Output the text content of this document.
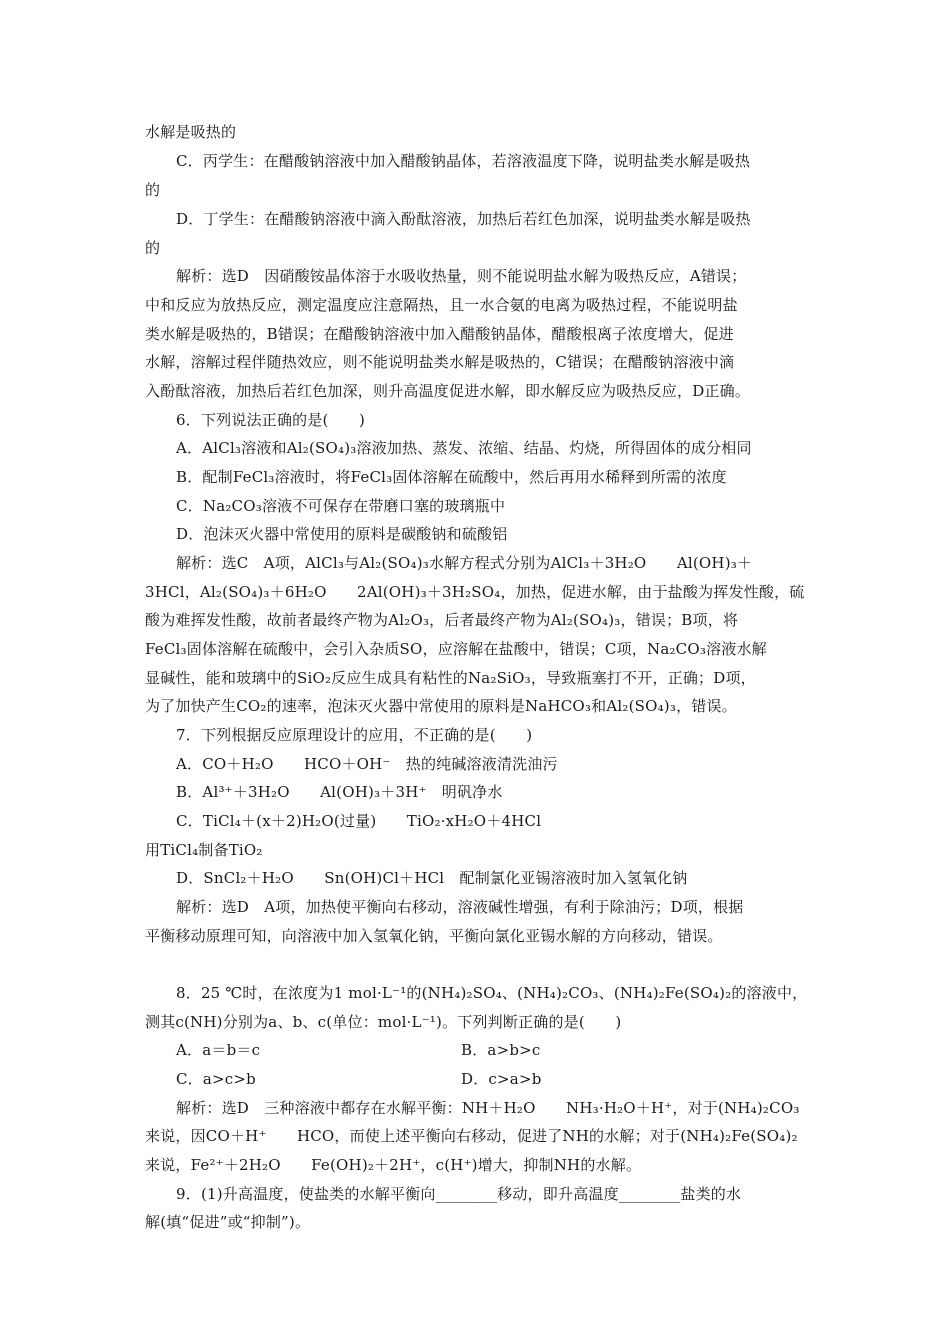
水解是吸热的
C．丙学生：在醋酸钠溶液中加入醋酸钠晶体，若溶液温度下降，说明盐类水解是吸热
的
D．丁学生：在醋酸钠溶液中滴入酚酞溶液，加热后若红色加深，说明盐类水解是吸热
的
解析：选D　因硝酸铵晶体溶于水吸收热量，则不能说明盐水解为吸热反应，A错误；
中和反应为放热反应，测定温度应注意隔热，且一水合氨的电离为吸热过程，不能说明盐
类水解是吸热的，B错误；在醋酸钠溶液中加入醋酸钠晶体，醋酸根离子浓度增大，促进
水解，溶解过程伴随热效应，则不能说明盐类水解是吸热的，C错误；在醋酸钠溶液中滴
入酚酞溶液，加热后若红色加深，则升高温度促进水解，即水解反应为吸热反应，D正确。
6．下列说法正确的是(　　)
A．AlCl₃溶液和Al₂(SO₄)₃溶液加热、蒸发、浓缩、结晶、灼烧，所得固体的成分相同
B．配制FeCl₃溶液时，将FeCl₃固体溶解在硫酸中，然后再用水稀释到所需的浓度
C．Na₂CO₃溶液不可保存在带磨口塞的玻璃瓶中
D．泡沫灭火器中常使用的原料是碳酸钠和硫酸铝
解析：选C　A项，AlCl₃与Al₂(SO₄)₃水解方程式分别为AlCl₃＋3H₂O　　Al(OH)₃＋
3HCl，Al₂(SO₄)₃＋6H₂O　　2Al(OH)₃＋3H₂SO₄，加热，促进水解，由于盐酸为挥发性酸，硫
酸为难挥发性酸，故前者最终产物为Al₂O₃，后者最终产物为Al₂(SO₄)₃，错误；B项，将
FeCl₃固体溶解在硫酸中，会引入杂质SO，应溶解在盐酸中，错误；C项，Na₂CO₃溶液水解
显碱性，能和玻璃中的SiO₂反应生成具有粘性的Na₂SiO₃，导致瓶塞打不开，正确；D项，
为了加快产生CO₂的速率，泡沫灭火器中常使用的原料是NaHCO₃和Al₂(SO₄)₃，错误。
7．下列根据反应原理设计的应用，不正确的是(　　)
A．CO＋H₂O　　HCO＋OH⁻　热的纯碱溶液清洗油污
B．Al³⁺＋3H₂O　　Al(OH)₃＋3H⁺　明矾净水
C．TiCl₄＋(x＋2)H₂O(过量)　　TiO₂·xH₂O＋4HCl
用TiCl₄制备TiO₂
D．SnCl₂＋H₂O　　Sn(OH)Cl＋HCl　配制氯化亚锡溶液时加入氢氧化钠
解析：选D　A项，加热使平衡向右移动，溶液碱性增强，有利于除油污；D项，根据
平衡移动原理可知，向溶液中加入氢氧化钠，平衡向氯化亚锡水解的方向移动，错误。
8．25 ℃时，在浓度为1 mol·L⁻¹的(NH₄)₂SO₄、(NH₄)₂CO₃、(NH₄)₂Fe(SO₄)₂的溶液中，
测其c(NH)分别为a、b、c(单位：mol·L⁻¹)。下列判断正确的是(　　)
A．a＝b＝c	B．a>b>c
C．a>c>b	D．c>a>b
解析：选D　三种溶液中都存在水解平衡：NH＋H₂O　　NH₃·H₂O＋H⁺，对于(NH₄)₂CO₃
来说，因CO＋H⁺　　HCO，而使上述平衡向右移动，促进了NH的水解；对于(NH₄)₂Fe(SO₄)₂
来说，Fe²⁺＋2H₂O　　Fe(OH)₂＋2H⁺，c(H⁺)增大，抑制NH的水解。
9．(1)升高温度，使盐类的水解平衡向________移动，即升高温度________盐类的水
解(填“促进”或“抑制”)。
